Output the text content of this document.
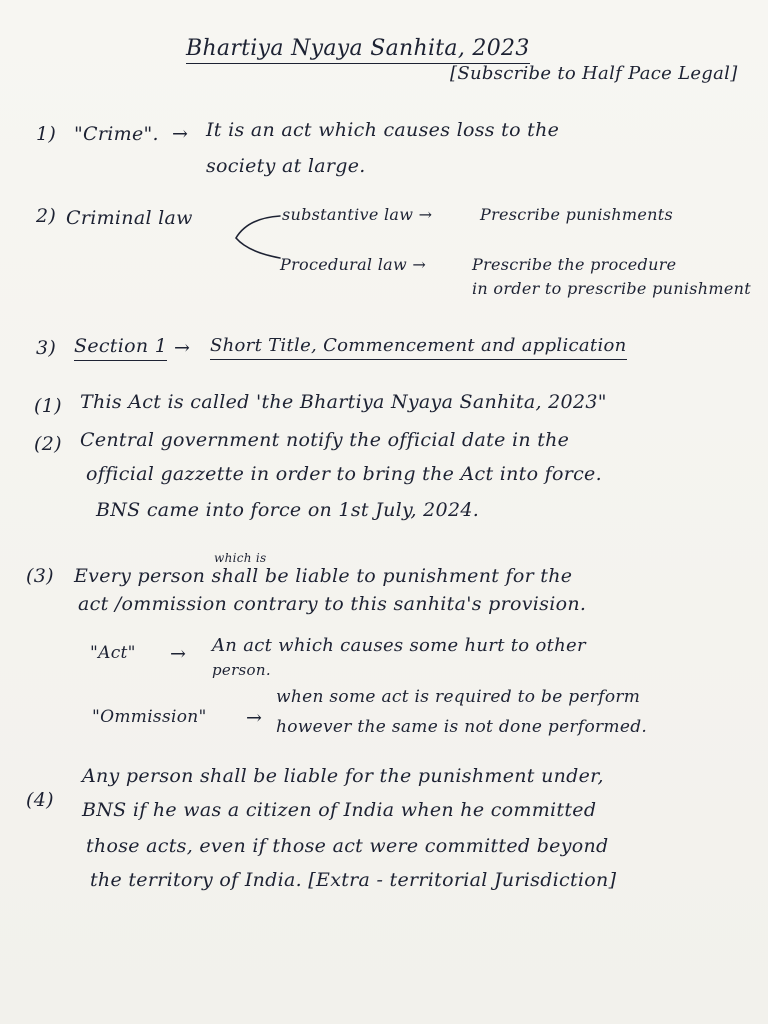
Bhartiya Nyaya Sanhita, 2023
[Subscribe to Half Pace Legal]
1) "Crime". → It is an act which causes loss to the
society at large.
2) Criminal law	substantive law →	Prescribe punishments
Procedural law →	Prescribe the procedure
in order to prescribe punishment
3) Section 1 → Short Title, Commencement and application
(1) This Act is called 'the Bhartiya Nyaya Sanhita, 2023"
(2) Central government notify the official date in the
official gazzette in order to bring the Act into force.
BNS came into force on 1st July, 2024.
(3)
which is
Every person shall be liable to punishment for the
act /ommission contrary to this sanhita's provision.
"Act" → An act which causes some hurt to other
person.
"Ommission" →
when some act is required to be perform
however the same is not done performed.
(4)
Any person shall be liable for the punishment under,
BNS if he was a citizen of India when he committed
those acts, even if those act were committed beyond
the territory of India. [Extra - territorial Jurisdiction]
